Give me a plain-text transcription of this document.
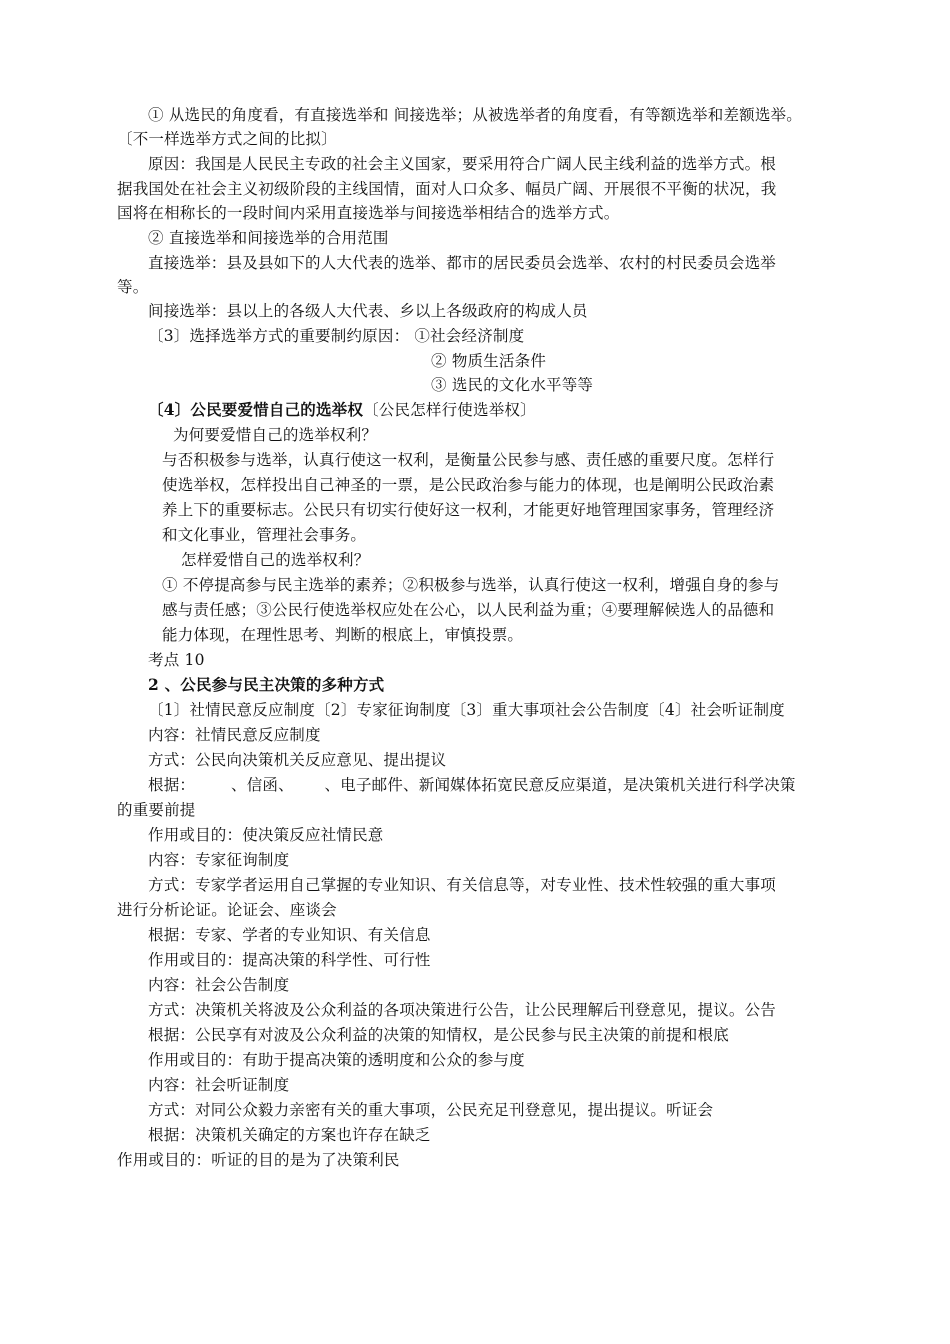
① 从选民的角度看，有直接选举和 间接选举；从被选举者的角度看，有等额选举和差额选举。
〔不一样选举方式之间的比拟〕
原因：我国是人民民主专政的社会主义国家，要采用符合广阔人民主线利益的选举方式。根
据我国处在社会主义初级阶段的主线国情，面对人口众多、幅员广阔、开展很不平衡的状况，我
国将在相称长的一段时间内采用直接选举与间接选举相结合的选举方式。
② 直接选举和间接选举的合用范围
直接选举：县及县如下的人大代表的选举、都市的居民委员会选举、农村的村民委员会选举
等。
间接选举：县以上的各级人大代表、乡以上各级政府的构成人员
〔3〕选择选举方式的重要制约原因： ①社会经济制度
② 物质生活条件
③ 选民的文化水平等等
〔4〕公民要爱惜自己的选举权〔公民怎样行使选举权〕
为何要爱惜自己的选举权利？
与否积极参与选举，认真行使这一权利，是衡量公民参与感、责任感的重要尺度。怎样行
使选举权，怎样投出自己神圣的一票，是公民政治参与能力的体现，也是阐明公民政治素
养上下的重要标志。公民只有切实行使好这一权利，才能更好地管理国家事务，管理经济
和文化事业，管理社会事务。
怎样爱惜自己的选举权利？
① 不停提高参与民主选举的素养；②积极参与选举，认真行使这一权利，增强自身的参与
感与责任感；③公民行使选举权应处在公心，以人民利益为重；④要理解候选人的品德和
能力体现，在理性思考、判断的根底上，审慎投票。
考点 10
2 、公民参与民主决策的多种方式
〔1〕社情民意反应制度〔2〕专家征询制度〔3〕重大事项社会公告制度〔4〕社会听证制度
内容：社情民意反应制度
方式：公民向决策机关反应意见、提出提议
根据：       、信函、      、电子邮件、新闻媒体拓宽民意反应渠道，是决策机关进行科学决策
的重要前提
作用或目的：使决策反应社情民意
内容：专家征询制度
方式：专家学者运用自己掌握的专业知识、有关信息等，对专业性、技术性较强的重大事项
进行分析论证。论证会、座谈会
根据：专家、学者的专业知识、有关信息
作用或目的：提高决策的科学性、可行性
内容：社会公告制度
方式：决策机关将波及公众利益的各项决策进行公告，让公民理解后刊登意见，提议。公告
根据：公民享有对波及公众利益的决策的知情权，是公民参与民主决策的前提和根底
作用或目的：有助于提高决策的透明度和公众的参与度
内容：社会听证制度
方式：对同公众毅力亲密有关的重大事项，公民充足刊登意见，提出提议。听证会
根据：决策机关确定的方案也许存在缺乏
作用或目的：听证的目的是为了决策利民
